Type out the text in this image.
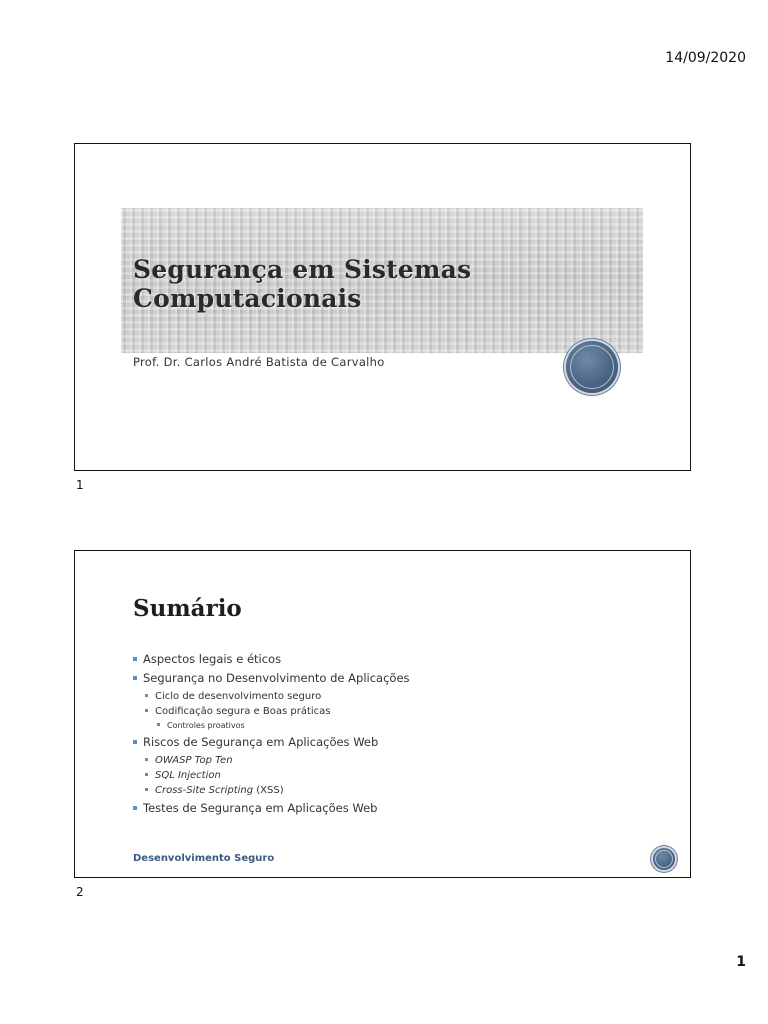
14/09/2020
Segurança em Sistemas
Computacionais
Prof. Dr. Carlos André Batista de Carvalho
1
Sumário
Aspectos legais e éticos
Segurança no Desenvolvimento de Aplicações
Ciclo de desenvolvimento seguro
Codificação segura e Boas práticas
Controles proativos
Riscos de Segurança em Aplicações Web
OWASP Top Ten
SQL Injection
Cross-Site Scripting (XSS)
Testes de Segurança em Aplicações Web
Desenvolvimento Seguro
2
1
